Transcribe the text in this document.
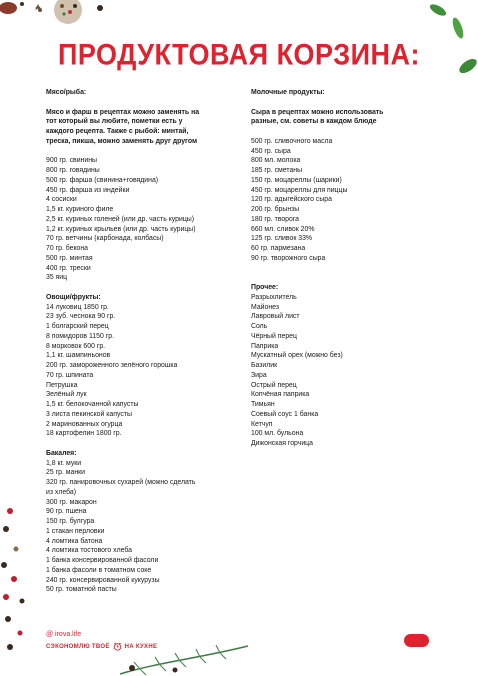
ПРОДУКТОВАЯ КОРЗИНА:
Мясо/рыба:
Мясо и фарш в рецептах можно заменять на
тот который вы любите, пометки есть у
каждого рецепта. Также с рыбой: минтай,
треска, пикша, можно заменять друг другом
900 гр. свинины
800 гр. говядины
500 гр. фарша (свинина+говядина)
450 гр. фарша из индейки
4 сосиски
1,5 кг. куриного филе
2,5 кг. куриных голеней (или др. часть курицы)
1,2 кг. куриных крыльев (или др. часть курицы)
70 гр. ветчины (карбонада, колбасы)
70 гр. бекона
500 гр. минтая
400 гр. трески
35 яиц
Овощи/фрукты:
14 луковиц 1850 гр.
23 зуб. чеснока 90 гр.
1 болгарский перец
8 помидоров 1150 гр.
8 морковок 600 гр.
1,1 кг. шампиньонов
200 гр. замороженного зелёного горошка
70 гр. шпината
Петрушка
Зелёный лук
1,5 кг. белокочанной капусты
3 листа пекинской капусты
2 маринованных огурца
18 картофелин 1800 гр.
Бакалея:
1,8 кг. муки
25 гр. манки
320 гр. панировочных сухарей (можно сделать
из хлеба)
300 гр. макарон
90 гр. пшена
150 гр. булгура
1 стакан перловки
4 ломтика батона
4 ломтика тостового хлеба
1 банка консервированной фасоли
1 банка фасоли в томатном соке
240 гр. консервированной кукурузы
50 гр. томатной пасты
Молочные продукты:
Сыра в рецептах можно использовать
разные, см. советы в каждом блюде
500 гр. сливочного масла
450 гр. сыра
800 мл. молока
185 гр. сметаны
150 гр. моцареллы (шарики)
450 гр. моцареллы для пиццы
120 гр. адыгейского сыра
200 гр. брынзы
180 гр. творога
660 мл. сливок 20%
125 гр. сливок 33%
60 гр. пармезана
90 гр. творожного сыра
Прочее:
Разрыхлитель
Майонез
Лавровый лист
Соль
Чёрный перец
Паприка
Мускатный орех (можно без)
Базилик
Зира
Острый перец
Копчёная паприка
Тимьян
Соевый соус 1 банка
Кетчуп
100 мл. бульона
Дижонская горчица
@ irova.life
СЭКОНОМЛЮ ТВОЁ	НА КУХНЕ
